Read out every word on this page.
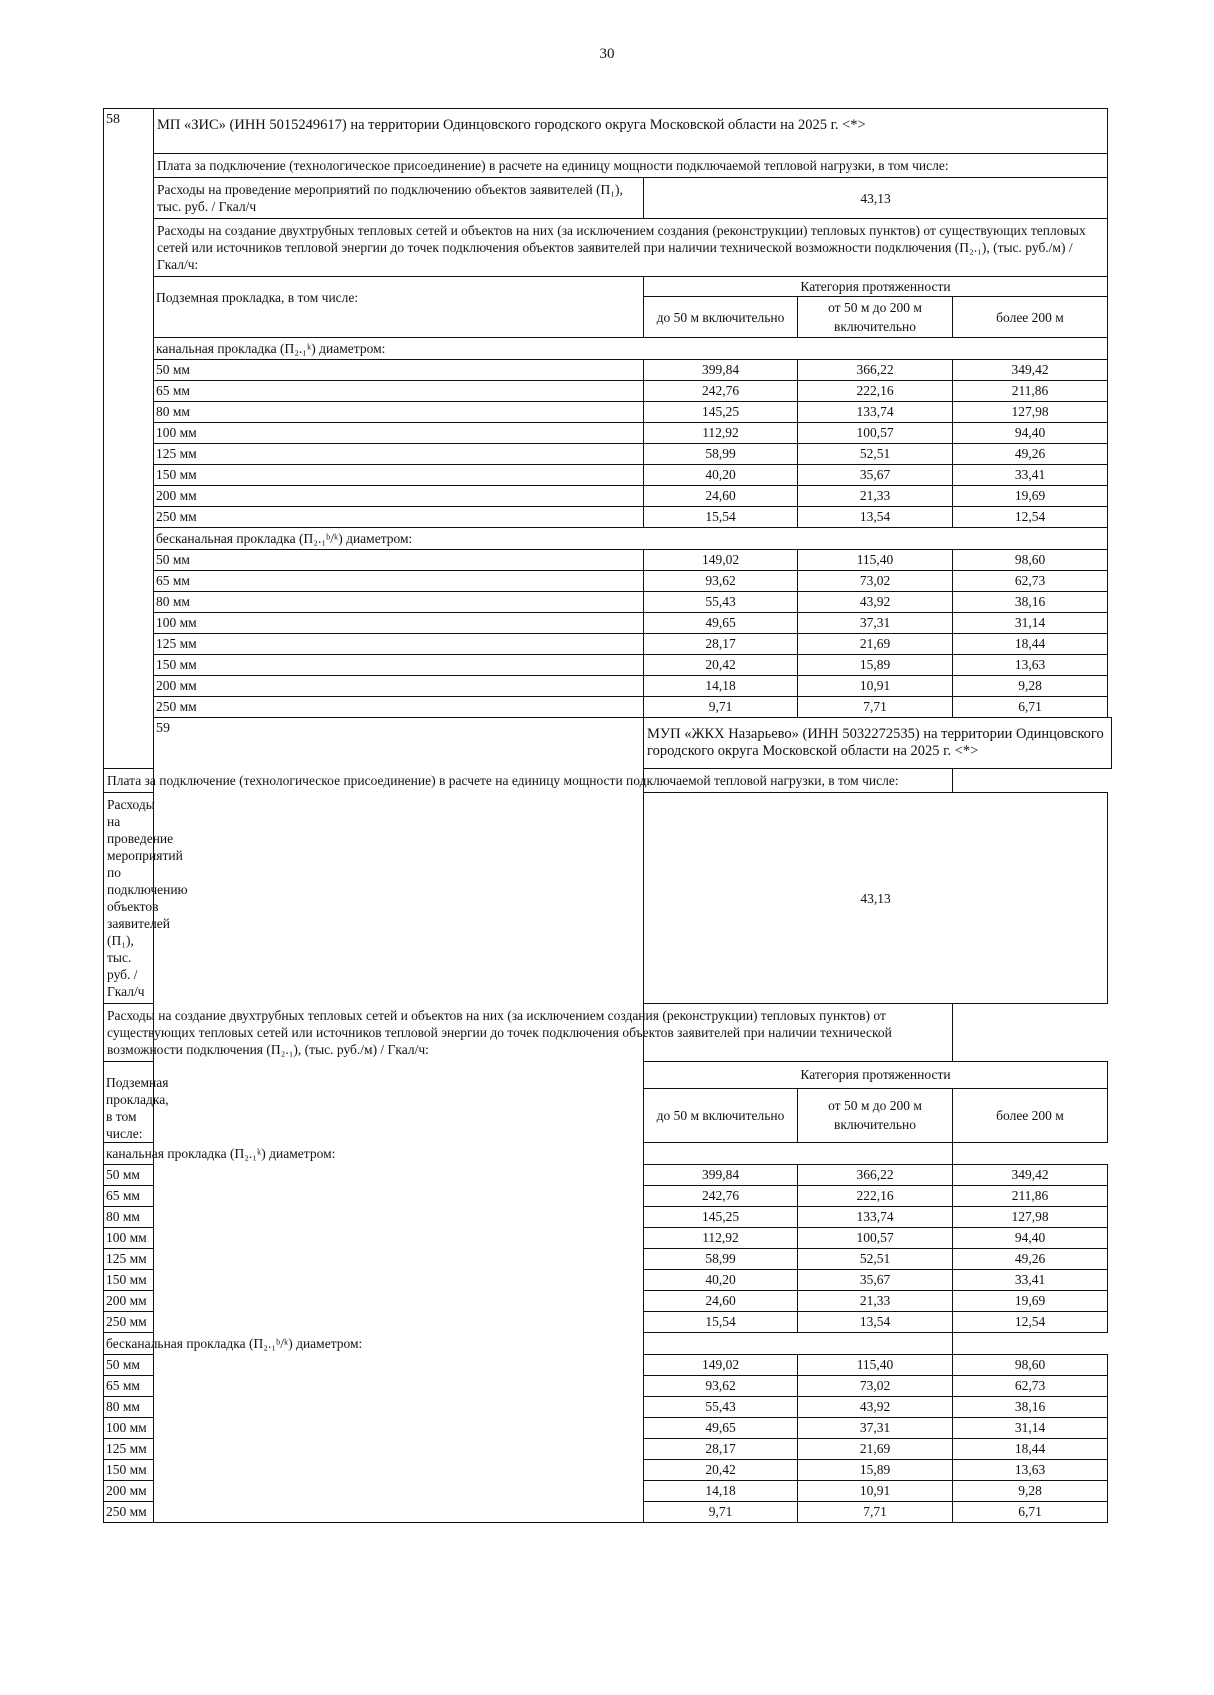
30
58	МП «ЗИС» (ИНН 5015249617) на территории Одинцовского городского округа Московской области на 2025 г. <*>			
	Плата за подключение (технологическое присоединение) в расчете на единицу мощности подключаемой тепловой нагрузки, в том числе:			
	Расходы на проведение мероприятий по подключению объектов заявителей (П₁), тыс. руб. / Гкал/ч	43,13		
	Расходы на создание двухтрубных тепловых сетей и объектов на них (за исключением создания (реконструкции) тепловых пунктов) от существующих тепловых сетей или источников тепловой энергии до точек подключения объектов заявителей при наличии технической возможности подключения (П₂.₁), (тыс. руб./м) / Гкал/ч:			
	Подземная прокладка, в том числе:	Категория протяженности		
		до 50 м включительно	от 50 м до 200 м включительно	более 200 м
	канальная прокладка (П₂.₁ᵏ) диаметром:			
	50 мм	399,84	366,22	349,42
	65 мм	242,76	222,16	211,86
	80 мм	145,25	133,74	127,98
	100 мм	112,92	100,57	94,40
	125 мм	58,99	52,51	49,26
	150 мм	40,20	35,67	33,41
	200 мм	24,60	21,33	19,69
	250 мм	15,54	13,54	12,54
	бесканальная прокладка (П₂.₁ᵇ/ᵏ) диаметром:			
	50 мм	149,02	115,40	98,60
	65 мм	93,62	73,02	62,73
	80 мм	55,43	43,92	38,16
	100 мм	49,65	37,31	31,14
	125 мм	28,17	21,69	18,44
	150 мм	20,42	15,89	13,63
	200 мм	14,18	10,91	9,28
	250 мм	9,71	7,71	6,71
	59	МУП «ЖКХ Назарьево» (ИНН 5032272535) на территории Одинцовского городского округа Московской области на 2025 г. <*>		
Плата за подключение (технологическое присоединение) в расчете на единицу мощности подключаемой тепловой нагрузки, в том числе:				
Расходы на проведение мероприятий по подключению объектов заявителей (П₁), тыс. руб. / Гкал/ч		43,13		
Расходы на создание двухтрубных тепловых сетей и объектов на них (за исключением создания (реконструкции) тепловых пунктов) от существующих тепловых сетей или источников тепловой энергии до точек подключения объектов заявителей при наличии технической возможности подключения (П₂.₁), (тыс. руб./м) / Гкал/ч:				
Подземная прокладка, в том числе:		Категория протяженности		
		до 50 м включительно	от 50 м до 200 м включительно	более 200 м
канальная прокладка (П₂.₁ᵏ) диаметром:				
50 мм		399,84	366,22	349,42
65 мм		242,76	222,16	211,86
80 мм		145,25	133,74	127,98
100 мм		112,92	100,57	94,40
125 мм		58,99	52,51	49,26
150 мм		40,20	35,67	33,41
200 мм		24,60	21,33	19,69
250 мм		15,54	13,54	12,54
бесканальная прокладка (П₂.₁ᵇ/ᵏ) диаметром:				
50 мм		149,02	115,40	98,60
65 мм		93,62	73,02	62,73
80 мм		55,43	43,92	38,16
100 мм		49,65	37,31	31,14
125 мм		28,17	21,69	18,44
150 мм		20,42	15,89	13,63
200 мм		14,18	10,91	9,28
250 мм		9,71	7,71	6,71
